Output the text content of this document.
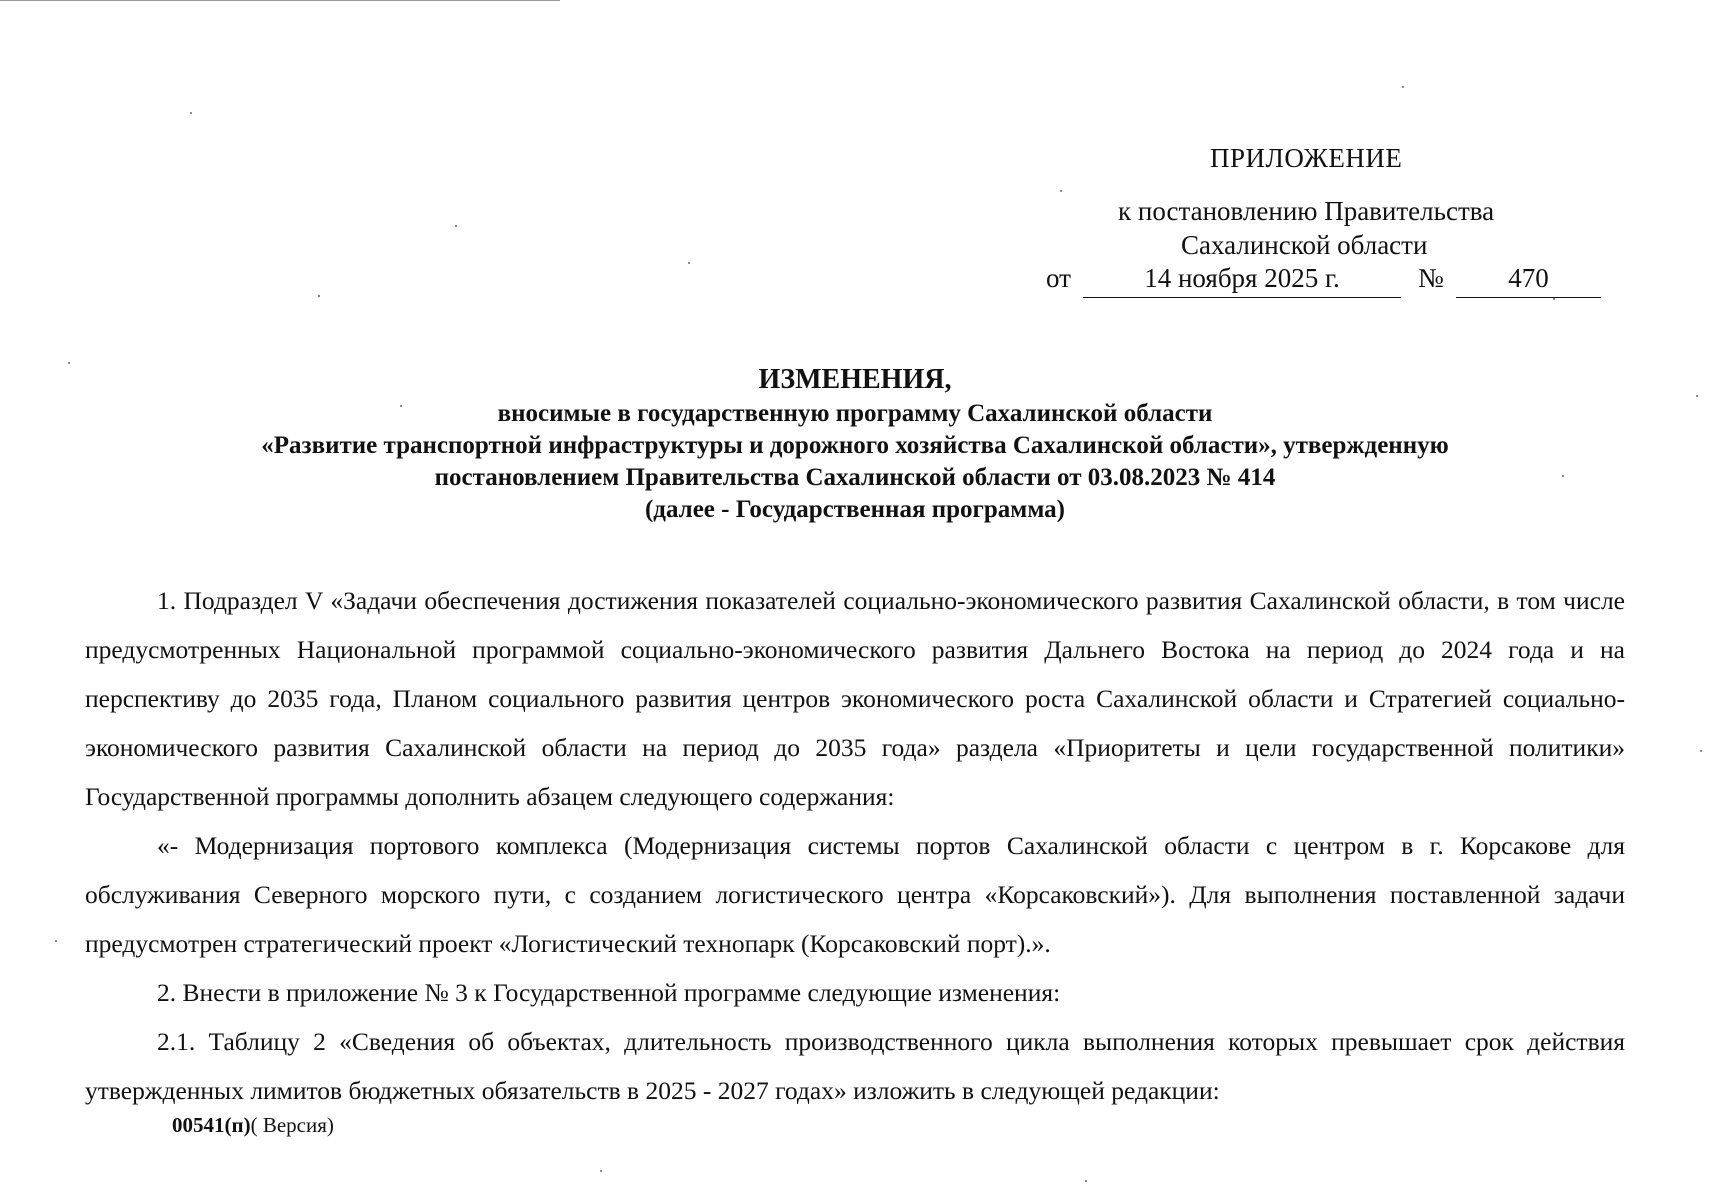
ПРИЛОЖЕНИЕ
к постановлению Правительства
Сахалинской области
от	14 ноября 2025 г.	№	470
ИЗМЕНЕНИЯ,
вносимые в государственную программу Сахалинской области
«Развитие транспортной инфраструктуры и дорожного хозяйства Сахалинской области», утвержденную
постановлением Правительства Сахалинской области от 03.08.2023 № 414
(далее - Государственная программа)

1. Подраздел V «Задачи обеспечения достижения показателей социально-экономического развития Сахалинской области, в том числе предусмотренных Национальной программой социально-экономического развития Дальнего Востока на период до 2024 года и на перспективу до 2035 года, Планом социального развития центров экономического роста Сахалинской области и Стратегией социально-экономического развития Сахалинской области на период до 2035 года» раздела «Приоритеты и цели государственной политики» Государственной программы дополнить абзацем следующего содержания:

«- Модернизация портового комплекса (Модернизация системы портов Сахалинской области с центром в г. Корсакове для обслуживания Северного морского пути, с созданием логистического центра «Корсаковский»). Для выполнения поставленной задачи предусмотрен стратегический проект «Логистический технопарк (Корсаковский порт).».

2. Внести в приложение № 3 к Государственной программе следующие изменения:

2.1. Таблицу 2 «Сведения об объектах, длительность производственного цикла выполнения которых превышает срок действия утвержденных лимитов бюджетных обязательств в 2025 - 2027 годах» изложить в следующей редакции:

00541(п)( Версия)
